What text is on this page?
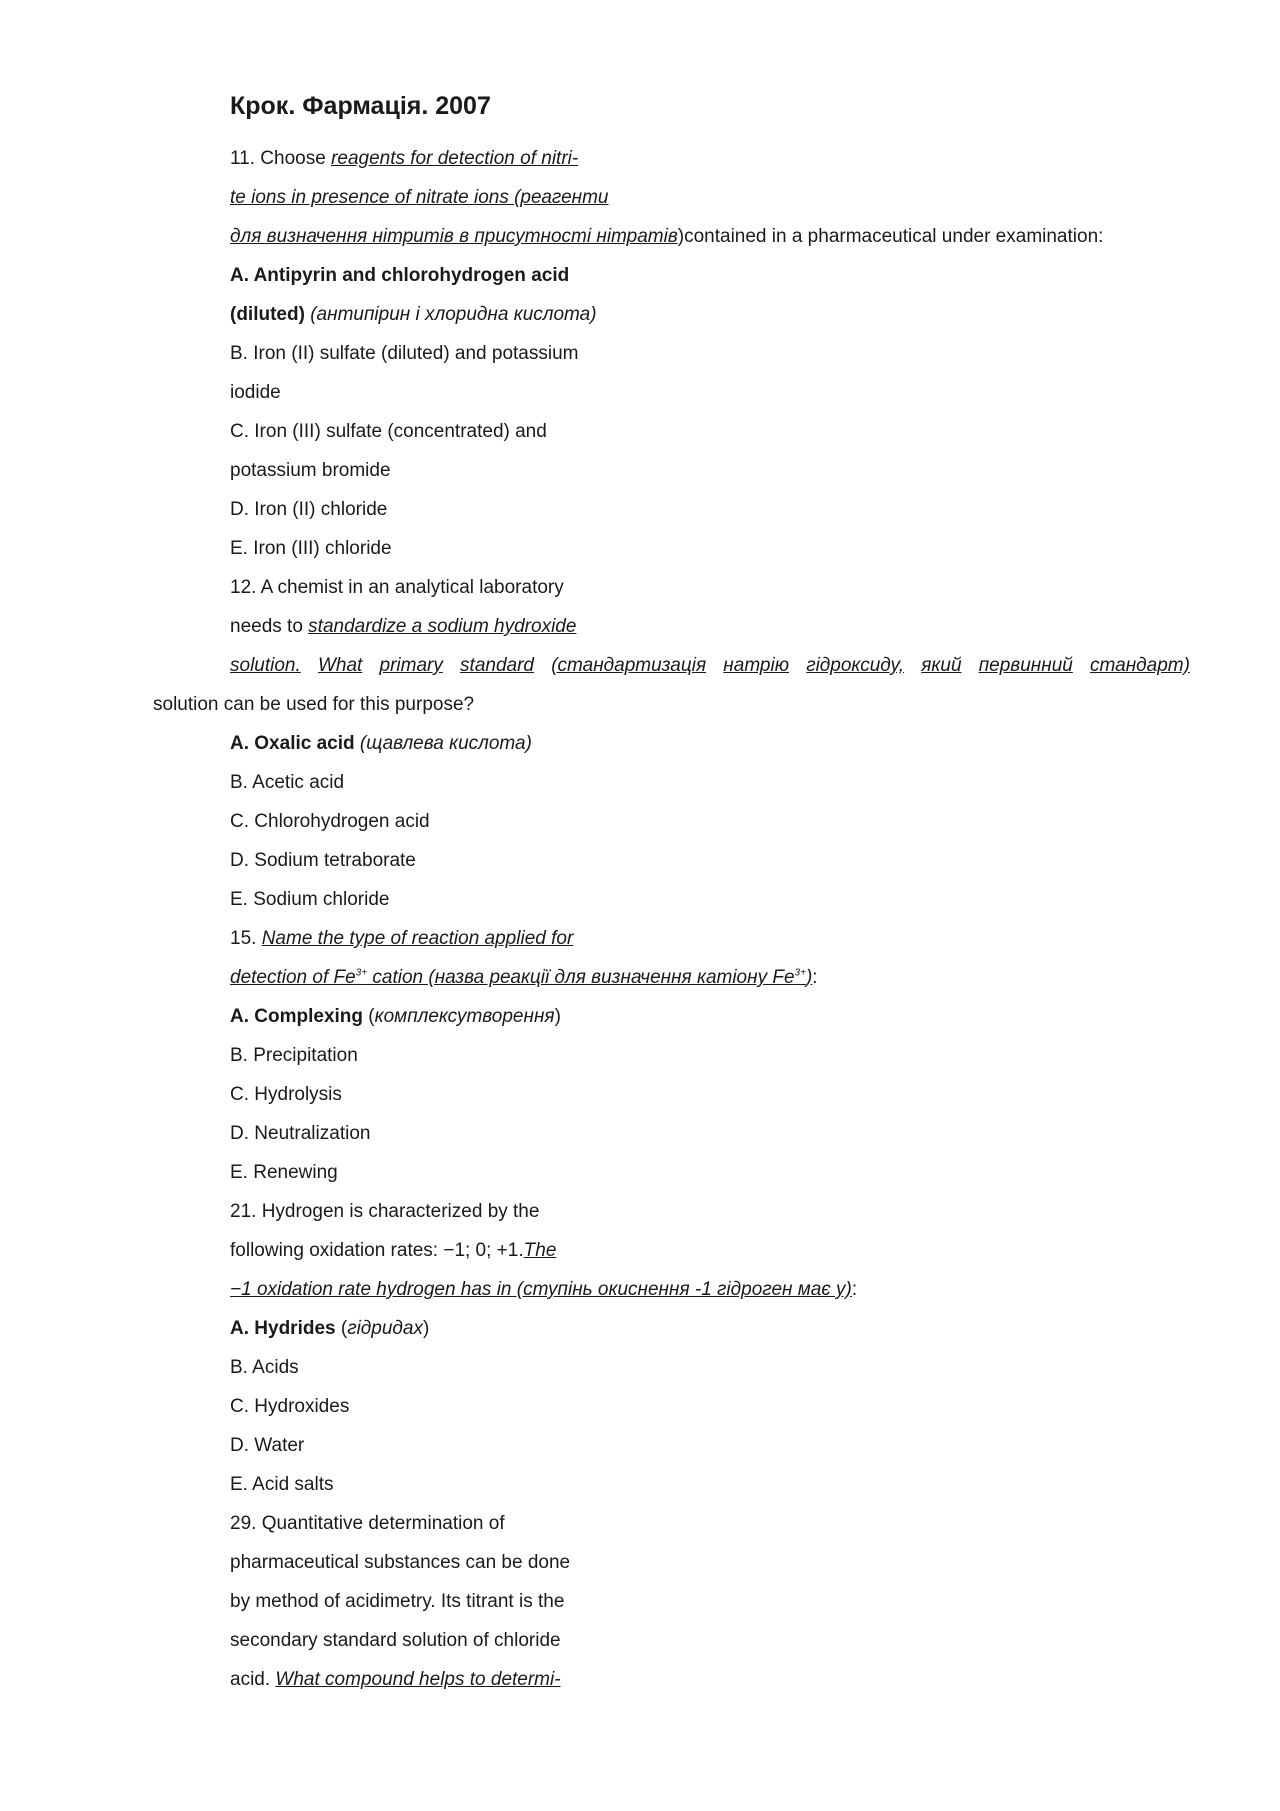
Крок. Фармація. 2007
11. Choose reagents for detection of nitri-
te ions in presence of nitrate ions (реагенти
для визначення нітритів в присутності нітратів)contained in a pharmaceutical under examination:
A. Antipyrin and chlorohydrogen acid
(diluted) (антипірин і хлоридна кислота)
B. Iron (II) sulfate (diluted) and potassium
iodide
C. Iron (III) sulfate (concentrated) and
potassium bromide
D. Iron (II) chloride
E. Iron (III) chloride
12. A chemist in an analytical laboratory
needs to standardize a sodium hydroxide
solution. What primary standard (стандартизація натрію гідроксиду, який первинний стандарт)
solution can be used for this purpose?
A. Oxalic acid (щавлева кислота)
B. Acetic acid
C. Chlorohydrogen acid
D. Sodium tetraborate
E. Sodium chloride
15. Name the type of reaction applied for
detection of $Fe^{3+}$ cation (назва реакції для визначення катіону $Fe^{3+}$):
A. Complexing (комплексутворення)
B. Precipitation
C. Hydrolysis
D. Neutralization
E. Renewing
21. Hydrogen is characterized by the
following oxidation rates: −1; 0; +1.The
−1 oxidation rate hydrogen has in (ступінь окиснення -1 гідроген має у):
A. Hydrides (гідридах)
B. Acids
C. Hydroxides
D. Water
E. Acid salts
29. Quantitative determination of
pharmaceutical substances can be done
by method of acidimetry. Its titrant is the
secondary standard solution of chloride
acid. What compound helps to determi-
